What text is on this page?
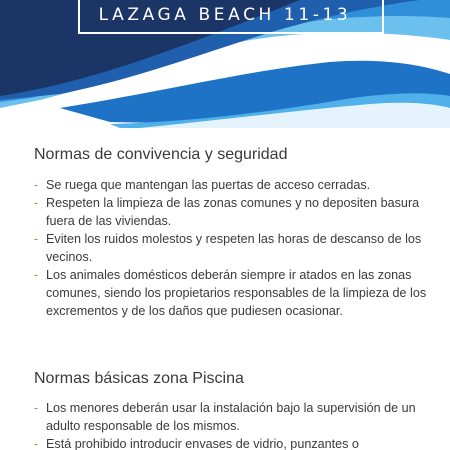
LAZAGA BEACH 11-13
Normas de convivencia y seguridad
- Se ruega que mantengan las puertas de acceso cerradas.
- Respeten la limpieza de las zonas comunes y no depositen basura fuera de las viviendas.
- Eviten los ruidos molestos y respeten las horas de descanso de los vecinos.
- Los animales domésticos deberán siempre ir atados en las zonas comunes, siendo los propietarios responsables de la limpieza de los excrementos y de los daños que pudiesen ocasionar.
Normas básicas zona Piscina
- Los menores deberán usar la instalación bajo la supervisión de un adulto responsable de los mismos.
- Está prohibido introducir envases de vidrio, punzantes o
